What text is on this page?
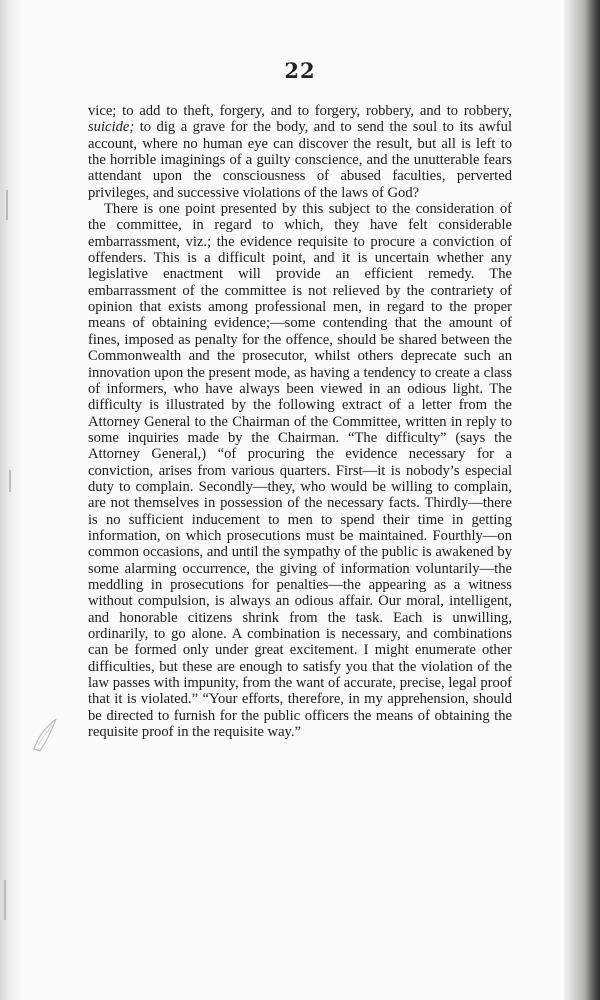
22

vice; to add to theft, forgery, and to forgery, robbery, and to robbery, suicide; to dig a grave for the body, and to send the soul to its awful account, where no human eye can discover the result, but all is left to the horrible imaginings of a guilty conscience, and the unutterable fears attendant upon the consciousness of abused faculties, perverted privileges, and successive violations of the laws of God?

There is one point presented by this subject to the consideration of the committee, in regard to which, they have felt considerable embarrassment, viz.; the evidence requisite to procure a conviction of offenders. This is a difficult point, and it is uncertain whether any legislative enactment will provide an efficient remedy. The embarrassment of the committee is not relieved by the contrariety of opinion that exists among professional men, in regard to the proper means of obtaining evidence;—some contending that the amount of fines, imposed as penalty for the offence, should be shared between the Commonwealth and the prosecutor, whilst others deprecate such an innovation upon the present mode, as having a tendency to create a class of informers, who have always been viewed in an odious light. The difficulty is illustrated by the following extract of a letter from the Attorney General to the Chairman of the Committee, written in reply to some inquiries made by the Chairman. “The difficulty” (says the Attorney General,) “of procuring the evidence necessary for a conviction, arises from various quarters. First—it is nobody’s especial duty to complain. Secondly—they, who would be willing to complain, are not themselves in possession of the necessary facts. Thirdly—there is no sufficient inducement to men to spend their time in getting information, on which prosecutions must be maintained. Fourthly—on common occasions, and until the sympathy of the public is awakened by some alarming occurrence, the giving of information voluntarily—the meddling in prosecutions for penalties—the appearing as a witness without compulsion, is always an odious affair. Our moral, intelligent, and honorable citizens shrink from the task. Each is unwilling, ordinarily, to go alone. A combination is necessary, and combinations can be formed only under great excitement. I might enumerate other difficulties, but these are enough to satisfy you that the violation of the law passes with impunity, from the want of accurate, precise, legal proof that it is violated.” “Your efforts, therefore, in my apprehension, should be directed to furnish for the public officers the means of obtaining the requisite proof in the requisite way.”
